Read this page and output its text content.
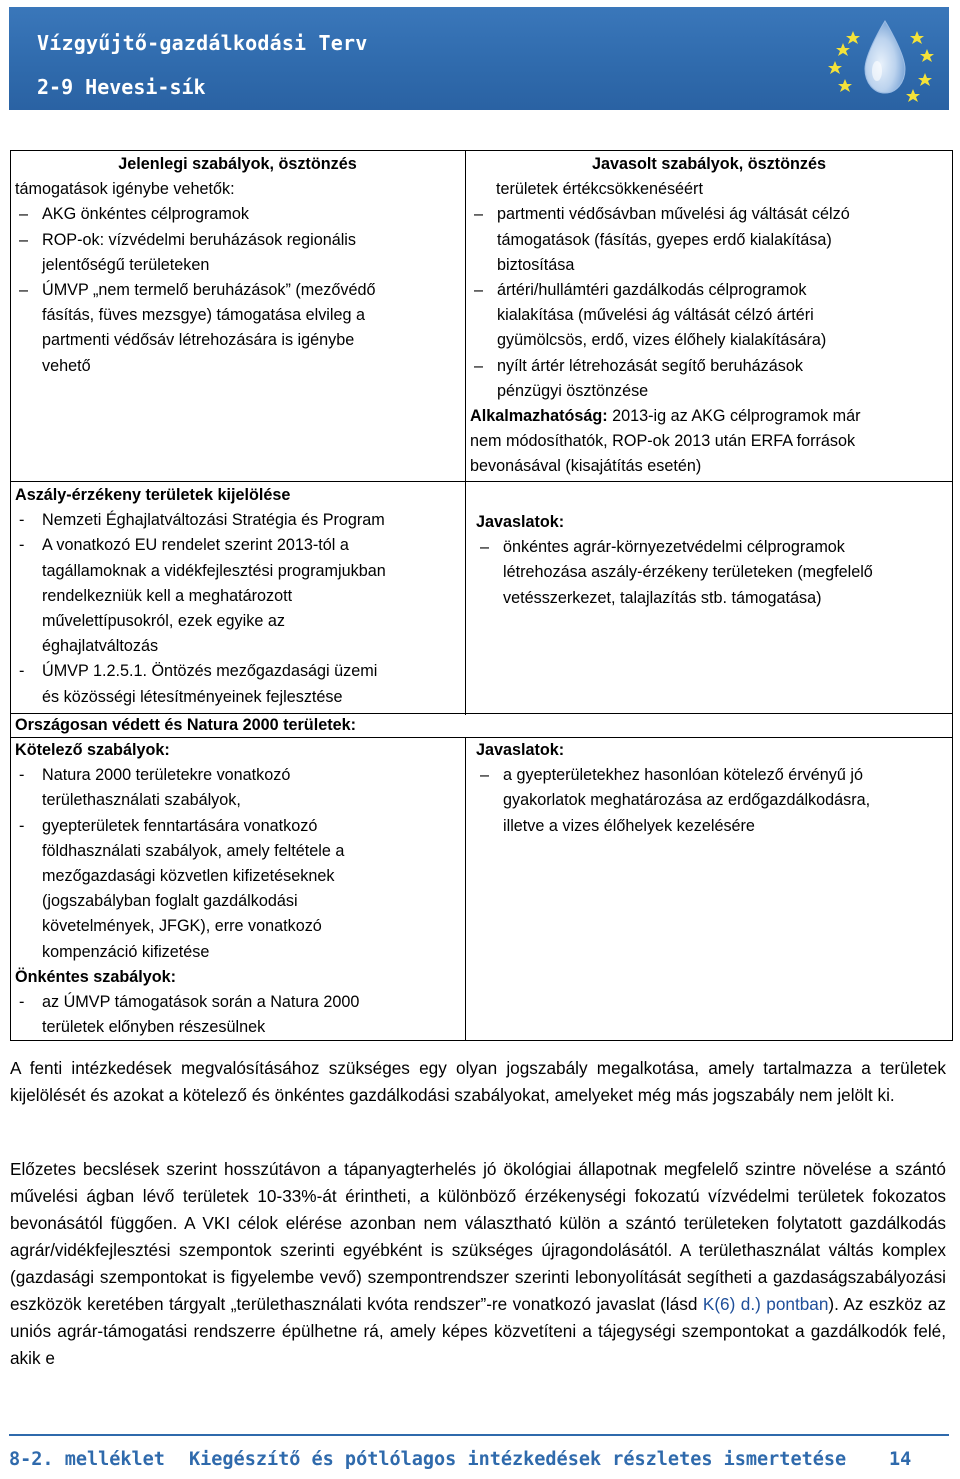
Vízgyűjtő-gazdálkodási Terv
2-9 Hevesi-sík

Jelenlegi szabályok, ösztönzés

támogatások igénybe vehetők:

– AKG önkéntes célprogramok

– ROP-ok: vízvédelmi beruházások regionális

jelentőségű területeken

– ÚMVP „nem termelő beruházások” (mezővédő

fásítás, füves mezsgye) támogatása elvileg a

partmenti védősáv létrehozására is igénybe

vehető

Javasolt szabályok, ösztönzés

területek értékcsökkenéséért

– partmenti védősávban művelési ág váltását célzó

támogatások (fásítás, gyepes erdő kialakítása)

biztosítása

– ártéri/hullámtéri gazdálkodás célprogramok

kialakítása (művelési ág váltását célzó ártéri

gyümölcsös, erdő, vizes élőhely kialakítására)

– nyílt ártér létrehozását segítő beruházások

pénzügyi ösztönzése

Alkalmazhatóság: 2013-ig az AKG célprogramok már

nem módosíthatók, ROP-ok 2013 után ERFA források

bevonásával (kisajátítás esetén)

Aszály-érzékeny területek kijelölése

- Nemzeti Éghajlatváltozási Stratégia és Program

- A vonatkozó EU rendelet szerint 2013-tól a

tagállamoknak a vidékfejlesztési programjukban

rendelkezniük kell a meghatározott

művelettípusokról, ezek egyike az

éghajlatváltozás

- ÚMVP 1.2.5.1. Öntözés mezőgazdasági üzemi

és közösségi létesítményeinek fejlesztése

Javaslatok:

– önkéntes agrár-környezetvédelmi célprogramok

létrehozása aszály-érzékeny területeken (megfelelő

vetésszerkezet, talajlazítás stb. támogatása)

Országosan védett és Natura 2000 területek:

Kötelező szabályok:

- Natura 2000 területekre vonatkozó

területhasználati szabályok,

- gyepterületek fenntartására vonatkozó

földhasználati szabályok, amely feltétele a

mezőgazdasági közvetlen kifizetéseknek

(jogszabályban foglalt gazdálkodási

követelmények, JFGK), erre vonatkozó

kompenzáció kifizetése

Önkéntes szabályok:

- az ÚMVP támogatások során a Natura 2000

területek előnyben részesülnek

Javaslatok:

– a gyepterületekhez hasonlóan kötelező érvényű jó

gyakorlatok meghatározása az erdőgazdálkodásra,

illetve a vizes élőhelyek kezelésére

A fenti intézkedések megvalósításához szükséges egy olyan jogszabály megalkotása, amely tartalmazza a területek kijelölését és azokat a kötelező és önkéntes gazdálkodási szabályokat, amelyeket még más jogszabály nem jelölt ki.
Előzetes becslések szerint hosszútávon a tápanyagterhelés jó ökológiai állapotnak megfelelő szintre növelése a szántó művelési ágban lévő területek 10-33%-át érintheti, a különböző érzékenységi fokozatú vízvédelmi területek fokozatos bevonásától függően. A VKI célok elérése azonban nem választható külön a szántó területeken folytatott gazdálkodás agrár/vidékfejlesztési szempontok szerinti egyébként is szükséges újragondolásától. A területhasználat váltás komplex (gazdasági szempontokat is figyelembe vevő) szempontrendszer szerinti lebonyolítását segítheti a gazdaságszabályozási eszközök keretében tárgyalt „területhasználati kvóta rendszer”-re vonatkozó javaslat (lásd K(6) d.) pontban). Az eszköz az uniós agrár-támogatási rendszerre épülhetne rá, amely képes közvetíteni a tájegységi szempontokat a gazdálkodók felé, akik e
8-2. melléklet Kiegészítő és pótlólagos intézkedések részletes ismertetése 14
